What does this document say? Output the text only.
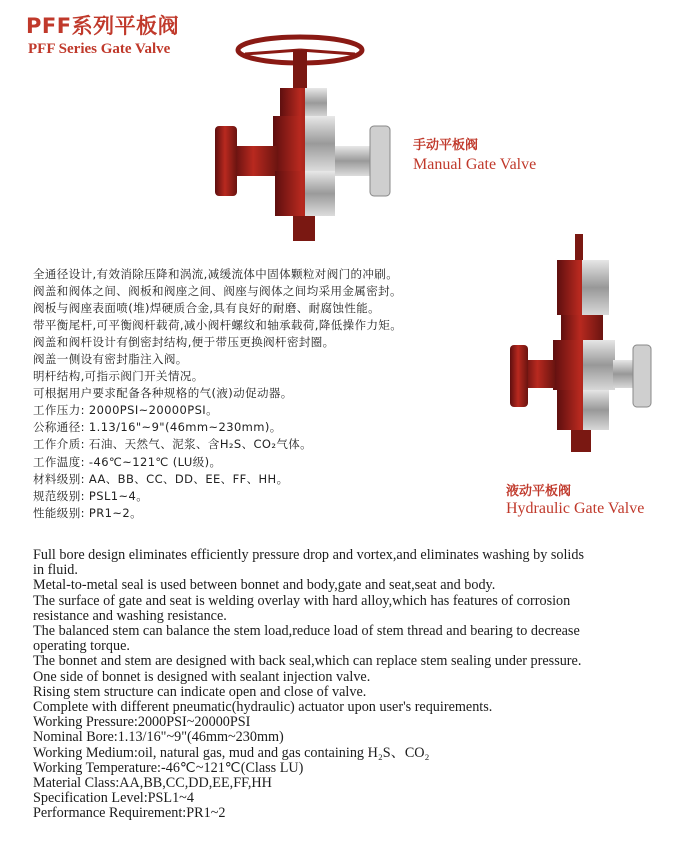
PFF系列平板阀
PFF Series Gate Valve
手动平板阀
Manual Gate Valve
液动平板阀
Hydraulic Gate Valve
全通径设计,有效消除压降和涡流,减缓流体中固体颗粒对阀门的冲刷。
阀盖和阀体之间、阀板和阀座之间、阀座与阀体之间均采用金属密封。
阀板与阀座表面喷(堆)焊硬质合金,具有良好的耐磨、耐腐蚀性能。
带平衡尾杆,可平衡阀杆载荷,减小阀杆螺纹和轴承载荷,降低操作力矩。
阀盖和阀杆设计有倒密封结构,便于带压更换阀杆密封圈。
阀盖一侧设有密封脂注入阀。
明杆结构,可指示阀门开关情况。
可根据用户要求配备各种规格的气(液)动促动器。
工作压力: 2000PSI~20000PSI。
公称通径: 1.13/16"~9"(46mm~230mm)。
工作介质: 石油、天然气、泥浆、含H₂S、CO₂气体。
工作温度: -46℃~121℃ (LU级)。
材料级别: AA、BB、CC、DD、EE、FF、HH。
规范级别: PSL1~4。
性能级别: PR1~2。
Full bore design eliminates efficiently pressure drop and vortex,and eliminates washing by solids in fluid.
Metal-to-metal seal is used between bonnet and body,gate and seat,seat and body.
The surface of gate and seat is welding overlay with hard alloy,which has features of corrosion resistance and washing resistance.
The balanced stem can balance the stem load,reduce load of stem thread and bearing to decrease operating torque.
The bonnet and stem are designed with back seal,which can replace stem sealing under pressure.
One side of bonnet is designed with sealant injection valve.
Rising stem structure can indicate open and close of valve.
Complete with different pneumatic(hydraulic) actuator upon user's requirements.
Working Pressure:2000PSI~20000PSI
Nominal Bore:1.13/16"~9"(46mm~230mm)
Working Medium:oil, natural gas, mud and gas containing H₂S、CO₂
Working Temperature:-46℃~121℃(Class LU)
Material Class:AA,BB,CC,DD,EE,FF,HH
Specification Level:PSL1~4
Performance Requirement:PR1~2
